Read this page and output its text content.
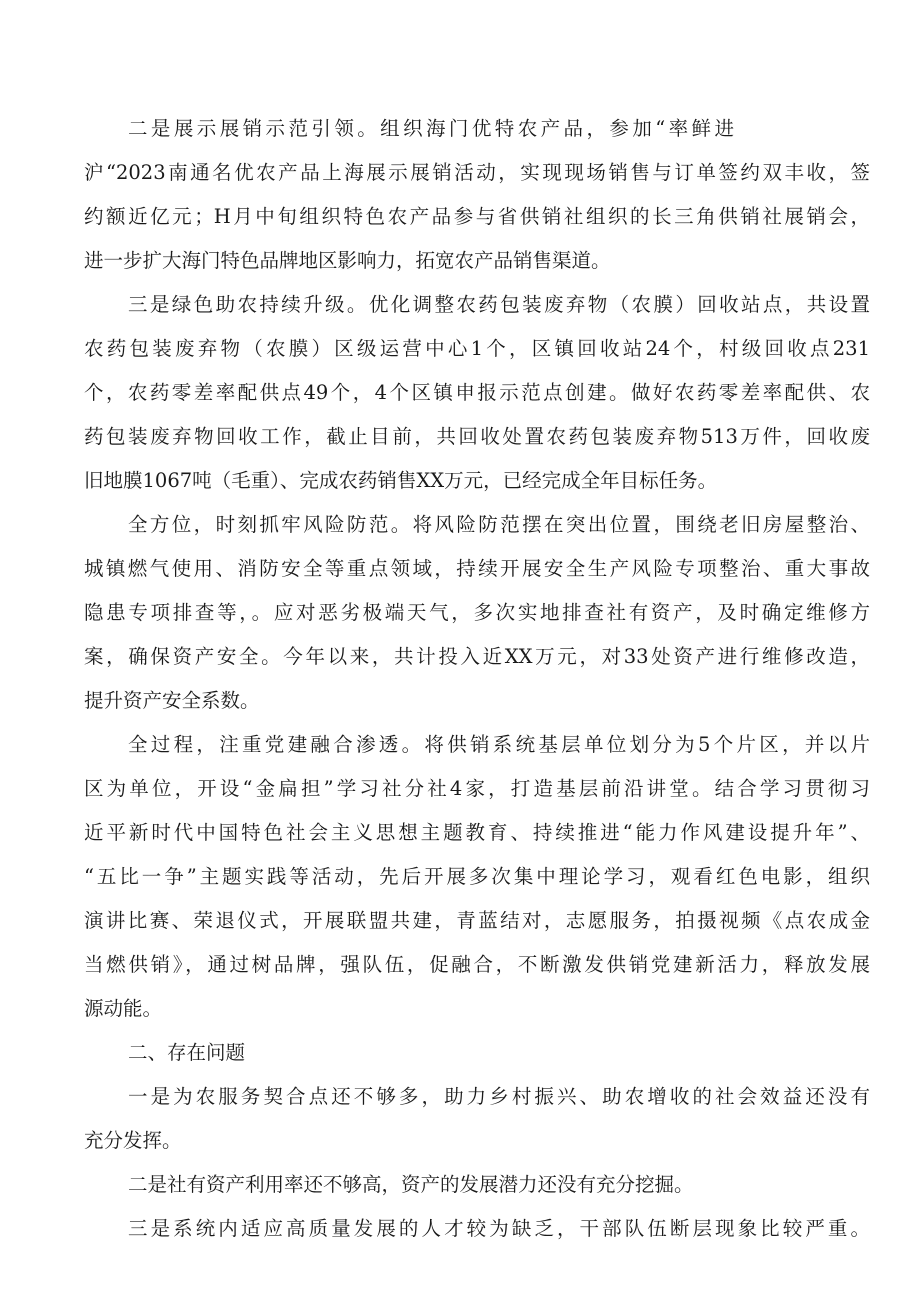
二是展示展销示范引领。组织海门优特农产品，参加“率鲜进
沪“2023南通名优农产品上海展示展销活动，实现现场销售与订单签约双丰收，签
约额近亿元；H月中旬组织特色农产品参与省供销社组织的长三角供销社展销会，
进一步扩大海门特色品牌地区影响力，拓宽农产品销售渠道。
三是绿色助农持续升级。优化调整农药包装废弃物（农膜）回收站点，共设置
农药包装废弃物（农膜）区级运营中心1个，区镇回收站24个，村级回收点231
个，农药零差率配供点49个，4个区镇申报示范点创建。做好农药零差率配供、农
药包装废弃物回收工作，截止目前，共回收处置农药包装废弃物513万件，回收废
旧地膜1067吨（毛重）、完成农药销售XX万元，已经完成全年目标任务。
全方位，时刻抓牢风险防范。将风险防范摆在突出位置，围绕老旧房屋整治、
城镇燃气使用、消防安全等重点领域，持续开展安全生产风险专项整治、重大事故
隐患专项排查等，。应对恶劣极端天气，多次实地排查社有资产，及时确定维修方
案，确保资产安全。今年以来，共计投入近XX万元，对33处资产进行维修改造，
提升资产安全系数。
全过程，注重党建融合渗透。将供销系统基层单位划分为5个片区，并以片
区为单位，开设“金扁担”学习社分社4家，打造基层前沿讲堂。结合学习贯彻习
近平新时代中国特色社会主义思想主题教育、持续推进“能力作风建设提升年”、
“五比一争”主题实践等活动，先后开展多次集中理论学习，观看红色电影，组织
演讲比赛、荣退仪式，开展联盟共建，青蓝结对，志愿服务，拍摄视频《点农成金
当燃供销》，通过树品牌，强队伍，促融合，不断激发供销党建新活力，释放发展
源动能。
二、存在问题
一是为农服务契合点还不够多，助力乡村振兴、助农增收的社会效益还没有
充分发挥。
二是社有资产利用率还不够高，资产的发展潜力还没有充分挖掘。
三是系统内适应高质量发展的人才较为缺乏，干部队伍断层现象比较严重。
